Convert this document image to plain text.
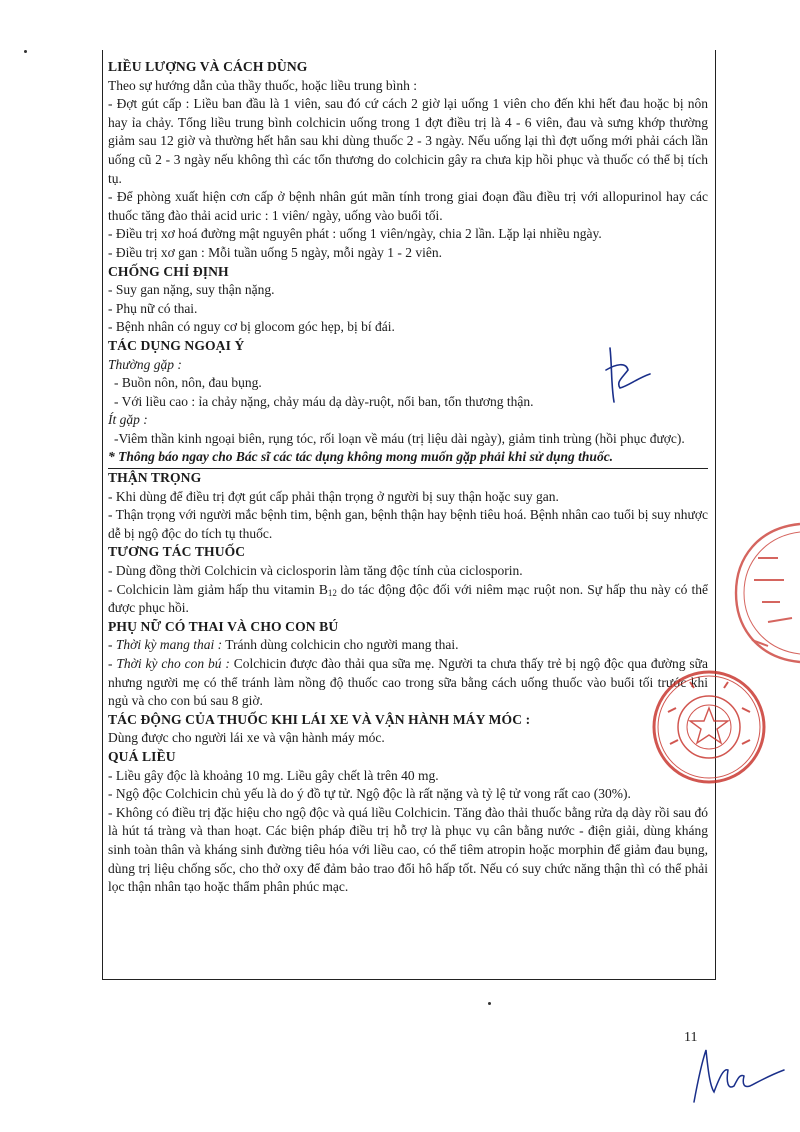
LIỀU LƯỢNG VÀ CÁCH DÙNG
Theo sự hướng dẫn của thầy thuốc, hoặc liều trung bình :
- Đợt gút cấp : Liều ban đầu là 1 viên, sau đó cứ cách 2 giờ lại uống 1 viên cho đến khi hết đau hoặc bị nôn hay ỉa chảy. Tổng liều trung bình colchicin uống trong 1 đợt điều trị là 4 - 6 viên, đau và sưng khớp thường giảm sau 12 giờ và thường hết hẳn sau khi dùng thuốc 2 - 3 ngày. Nếu uống lại thì đợt uống mới phải cách lần uống cũ 2 - 3 ngày nếu không thì các tổn thương do colchicin gây ra chưa kịp hồi phục và thuốc có thể bị tích tụ.
- Để phòng xuất hiện cơn cấp ở bệnh nhân gút mãn tính trong giai đoạn đầu điều trị với allopurinol hay các thuốc tăng đào thải acid uric : 1 viên/ ngày, uống vào buổi tối.
- Điều trị xơ hoá đường mật nguyên phát : uống 1 viên/ngày, chia 2 lần. Lặp lại nhiều ngày.
- Điều trị xơ gan : Mỗi tuần uống 5 ngày, mỗi ngày 1 - 2 viên.
CHỐNG CHỈ ĐỊNH
- Suy gan nặng, suy thận nặng.
- Phụ nữ có thai.
- Bệnh nhân có nguy cơ bị glocom góc hẹp, bị bí đái.
TÁC DỤNG NGOẠI Ý
Thường gặp :
- Buồn nôn, nôn, đau bụng.
- Với liều cao : ỉa chảy nặng, chảy máu dạ dày-ruột, nổi ban, tổn thương thận.
Ít gặp :
-Viêm thần kinh ngoại biên, rụng tóc, rối loạn về máu (trị liệu dài ngày), giảm tinh trùng (hồi phục được).
* Thông báo ngay cho Bác sĩ các tác dụng không mong muốn gặp phải khi sử dụng thuốc.
THẬN TRỌNG
- Khi dùng để điều trị đợt gút cấp phải thận trọng ở người bị suy thận hoặc suy gan.
- Thận trọng với người mắc bệnh tim, bệnh gan, bệnh thận hay bệnh tiêu hoá. Bệnh nhân cao tuổi bị suy nhược dễ bị ngộ độc do tích tụ thuốc.
TƯƠNG TÁC THUỐC
- Dùng đồng thời Colchicin và ciclosporin làm tăng độc tính của ciclosporin.
- Colchicin làm giảm hấp thu vitamin $B_{12}$ do tác động độc đối với niêm mạc ruột non. Sự hấp thu này có thể được phục hồi.
PHỤ NỮ CÓ THAI VÀ CHO CON BÚ
- Thời kỳ mang thai : Tránh dùng colchicin cho người mang thai.
- Thời kỳ cho con bú : Colchicin được đào thải qua sữa mẹ. Người ta chưa thấy trẻ bị ngộ độc qua đường sữa nhưng người mẹ có thể tránh làm nồng độ thuốc cao trong sữa bằng cách uống thuốc vào buổi tối trước khi ngủ và cho con bú sau 8 giờ.
TÁC ĐỘNG CỦA THUỐC KHI LÁI XE VÀ VẬN HÀNH MÁY MÓC :
Dùng được cho người lái xe và vận hành máy móc.
QUÁ LIỀU
- Liều gây độc là khoảng 10 mg. Liều gây chết là trên 40 mg.
- Ngộ độc Colchicin chủ yếu là do ý đồ tự tử. Ngộ độc là rất nặng và tỷ lệ tử vong rất cao (30%).
- Không có điều trị đặc hiệu cho ngộ độc và quá liều Colchicin. Tăng đào thải thuốc bằng rửa dạ dày rồi sau đó là hút tá tràng và than hoạt. Các biện pháp điều trị hỗ trợ là phục vụ cân bằng nước - điện giải, dùng kháng sinh toàn thân và kháng sinh đường tiêu hóa với liều cao, có thể tiêm atropin hoặc morphin để giảm đau bụng, dùng trị liệu chống sốc, cho thở oxy để đảm bảo trao đổi hô hấp tốt. Nếu có suy chức năng thận thì có thể phải lọc thận nhân tạo hoặc thẩm phân phúc mạc.
11
